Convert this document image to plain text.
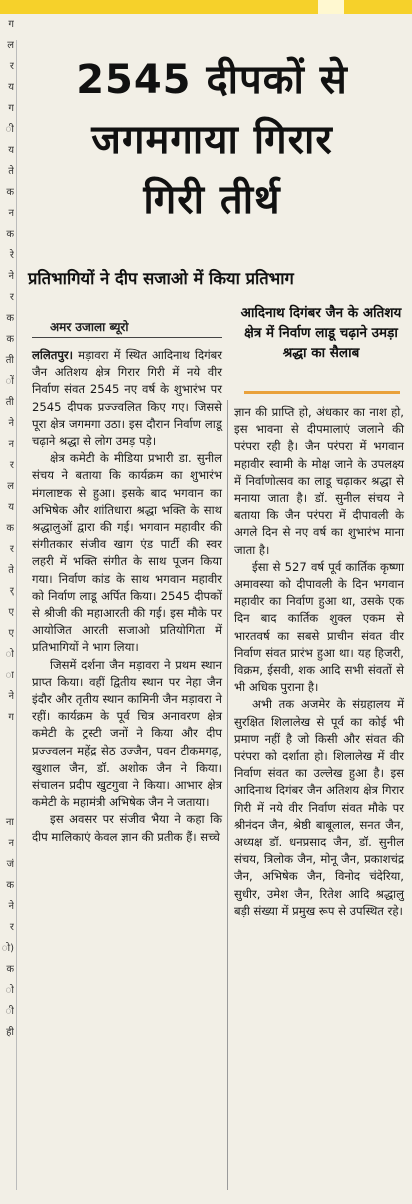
ग
ल
र
य
ग
ी
य
ते
क
न
क
रे
ने
र
क
क
ती
ों
ती
ने
न
र
ल
य
क
र
ते
र्
ए
ए
ो
ा
ने
ग
ना
न
जं
क
ने
र
ो)
क
ो
ी
ही
2545 दीपकों से
जगमगाया गिरार
गिरी तीर्थ
प्रतिभागियों ने दीप सजाओ में किया प्रतिभाग
अमर उजाला ब्यूरो
आदिनाथ दिगंबर जैन के अतिशय क्षेत्र में निर्वाण लाडू चढ़ाने उमड़ा श्रद्धा का सैलाब

ललितपुर। मड़ावरा में स्थित आदिनाथ दिगंबर जैन अतिशय क्षेत्र गिरार गिरी में नये वीर निर्वाण संवत 2545 नए वर्ष के शुभारंभ पर 2545 दीपक प्रज्ज्वलित किए गए। जिससे पूरा क्षेत्र जगमगा उठा। इस दौरान निर्वाण लाडू चढ़ाने श्रद्धा से लोग उमड़ पड़े।

क्षेत्र कमेटी के मीडिया प्रभारी डा. सुनील संचय ने बताया कि कार्यक्रम का शुभारंभ मंगलाष्टक से हुआ। इसके बाद भगवान का अभिषेक और शांतिधारा श्रद्धा भक्ति के साथ श्रद्धालुओं द्वारा की गई। भगवान महावीर की संगीतकार संजीव खाग एंड पार्टी की स्वर लहरी में भक्ति संगीत के साथ पूजन किया गया। निर्वाण कांड के साथ भगवान महावीर को निर्वाण लाडू अर्पित किया। 2545 दीपकों से श्रीजी की महाआरती की गई। इस मौके पर आयोजित आरती सजाओ प्रतियोगिता में प्रतिभागियों ने भाग लिया।

जिसमें दर्शना जैन मड़ावरा ने प्रथम स्थान प्राप्त किया। वहीं द्वितीय स्थान पर नेहा जैन इंदौर और तृतीय स्थान कामिनी जैन मड़ावरा ने रहीं। कार्यक्रम के पूर्व चित्र अनावरण क्षेत्र कमेटी के ट्रस्टी जनों ने किया और दीप प्रज्ज्वलन महेंद्र सेठ उज्जैन, पवन टीकमगढ़, खुशाल जैन, डॉ. अशोक जैन ने किया। संचालन प्रदीप खुटगुवा ने किया। आभार क्षेत्र कमेटी के महामंत्री अभिषेक जैन ने जताया।

इस अवसर पर संजीव भैया ने कहा कि दीप मालिकाएं केवल ज्ञान की प्रतीक हैं। सच्चे

ज्ञान की प्राप्ति हो, अंधकार का नाश हो, इस भावना से दीपमालाएं जलाने की परंपरा रही है। जैन परंपरा में भगवान महावीर स्वामी के मोक्ष जाने के उपलक्ष्य में निर्वाणोत्सव का लाडू चढ़ाकर श्रद्धा से मनाया जाता है। डॉ. सुनील संचय ने बताया कि जैन परंपरा में दीपावली के अगले दिन से नए वर्ष का शुभारंभ माना जाता है।

ईसा से 527 वर्ष पूर्व कार्तिक कृष्णा अमावस्या को दीपावली के दिन भगवान महावीर का निर्वाण हुआ था, उसके एक दिन बाद कार्तिक शुक्ल एकम से भारतवर्ष का सबसे प्राचीन संवत वीर निर्वाण संवत प्रारंभ हुआ था। यह हिजरी, विक्रम, ईसवी, शक आदि सभी संवतों से भी अधिक पुराना है।

अभी तक अजमेर के संग्रहालय में सुरक्षित शिलालेख से पूर्व का कोई भी प्रमाण नहीं है जो किसी और संवत की परंपरा को दर्शाता हो। शिलालेख में वीर निर्वाण संवत का उल्लेख हुआ है। इस आदिनाथ दिगंबर जैन अतिशय क्षेत्र गिरार गिरी में नये वीर निर्वाण संवत मौके पर श्रीनंदन जैन, श्रेष्ठी बाबूलाल, सनत जैन, अध्यक्ष डॉ. धनप्रसाद जैन, डॉ. सुनील संचय, त्रिलोक जैन, मोनू जैन, प्रकाशचंद्र जैन, अभिषेक जैन, विनोद चंदेरिया, सुधीर, उमेश जैन, रितेश आदि श्रद्धालु बड़ी संख्या में प्रमुख रूप से उपस्थित रहे।
